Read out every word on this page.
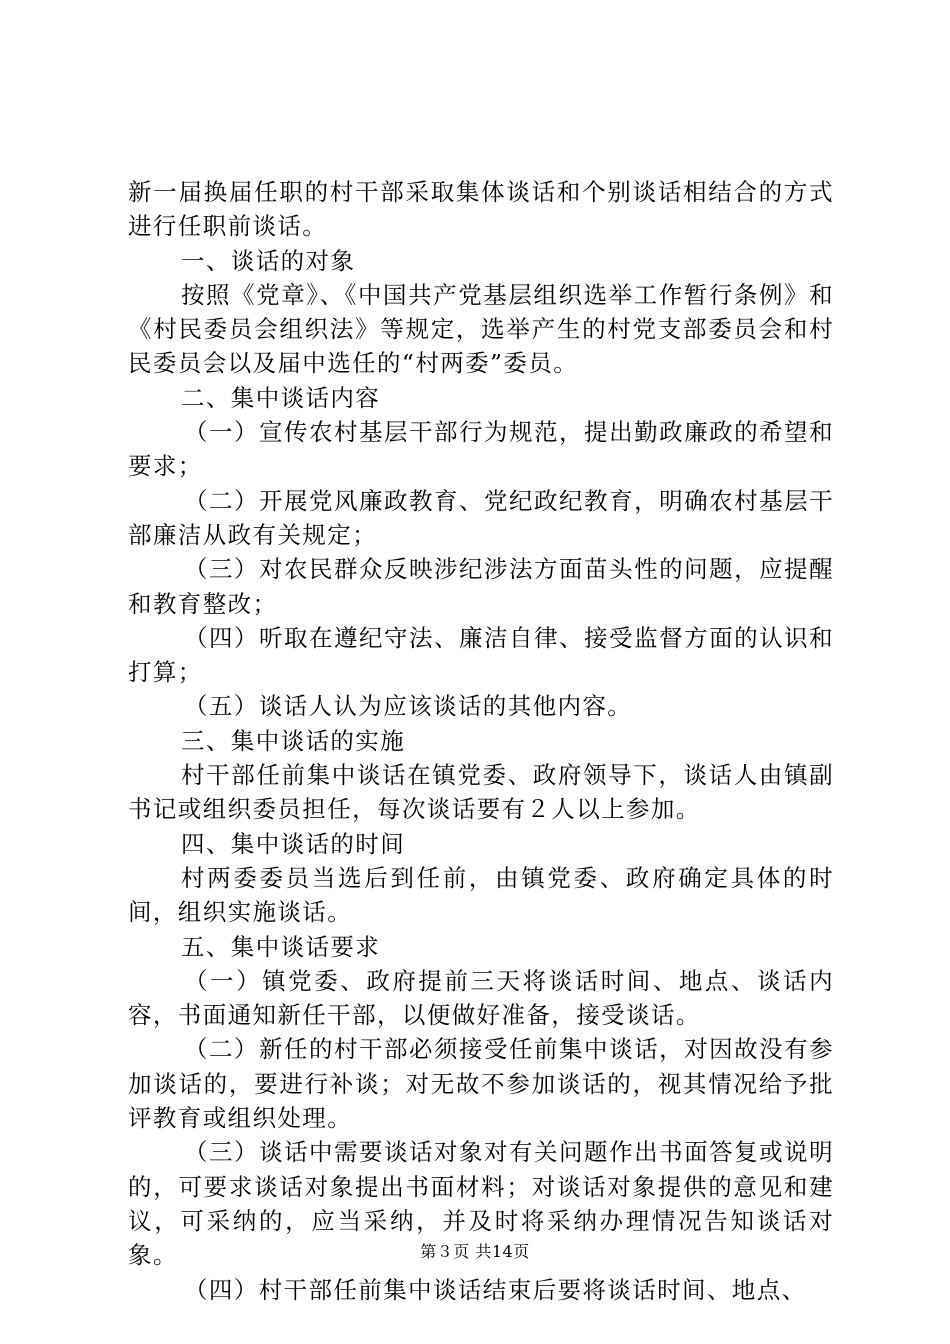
新一届换届任职的村干部采取集体谈话和个别谈话相结合的方式进行任职前谈话。

一、谈话的对象

按照《党章》、《中国共产党基层组织选举工作暂行条例》和《村民委员会组织法》等规定，选举产生的村党支部委员会和村民委员会以及届中选任的“村两委”委员。

二、集中谈话内容

（一）宣传农村基层干部行为规范，提出勤政廉政的希望和要求；

（二）开展党风廉政教育、党纪政纪教育，明确农村基层干部廉洁从政有关规定；

（三）对农民群众反映涉纪涉法方面苗头性的问题，应提醒和教育整改；

（四）听取在遵纪守法、廉洁自律、接受监督方面的认识和打算；

（五）谈话人认为应该谈话的其他内容。

三、集中谈话的实施

村干部任前集中谈话在镇党委、政府领导下，谈话人由镇副书记或组织委员担任，每次谈话要有２人以上参加。

四、集中谈话的时间

村两委委员当选后到任前，由镇党委、政府确定具体的时间，组织实施谈话。

五、集中谈话要求

（一）镇党委、政府提前三天将谈话时间、地点、谈话内容，书面通知新任干部，以便做好准备，接受谈话。

（二）新任的村干部必须接受任前集中谈话，对因故没有参加谈话的，要进行补谈；对无故不参加谈话的，视其情况给予批评教育或组织处理。

（三）谈话中需要谈话对象对有关问题作出书面答复或说明的，可要求谈话对象提出书面材料；对谈话对象提供的意见和建议，可采纳的，应当采纳，并及时将采纳办理情况告知谈话对象。

（四）村干部任前集中谈话结束后要将谈话时间、地点、

第３页 共14页
